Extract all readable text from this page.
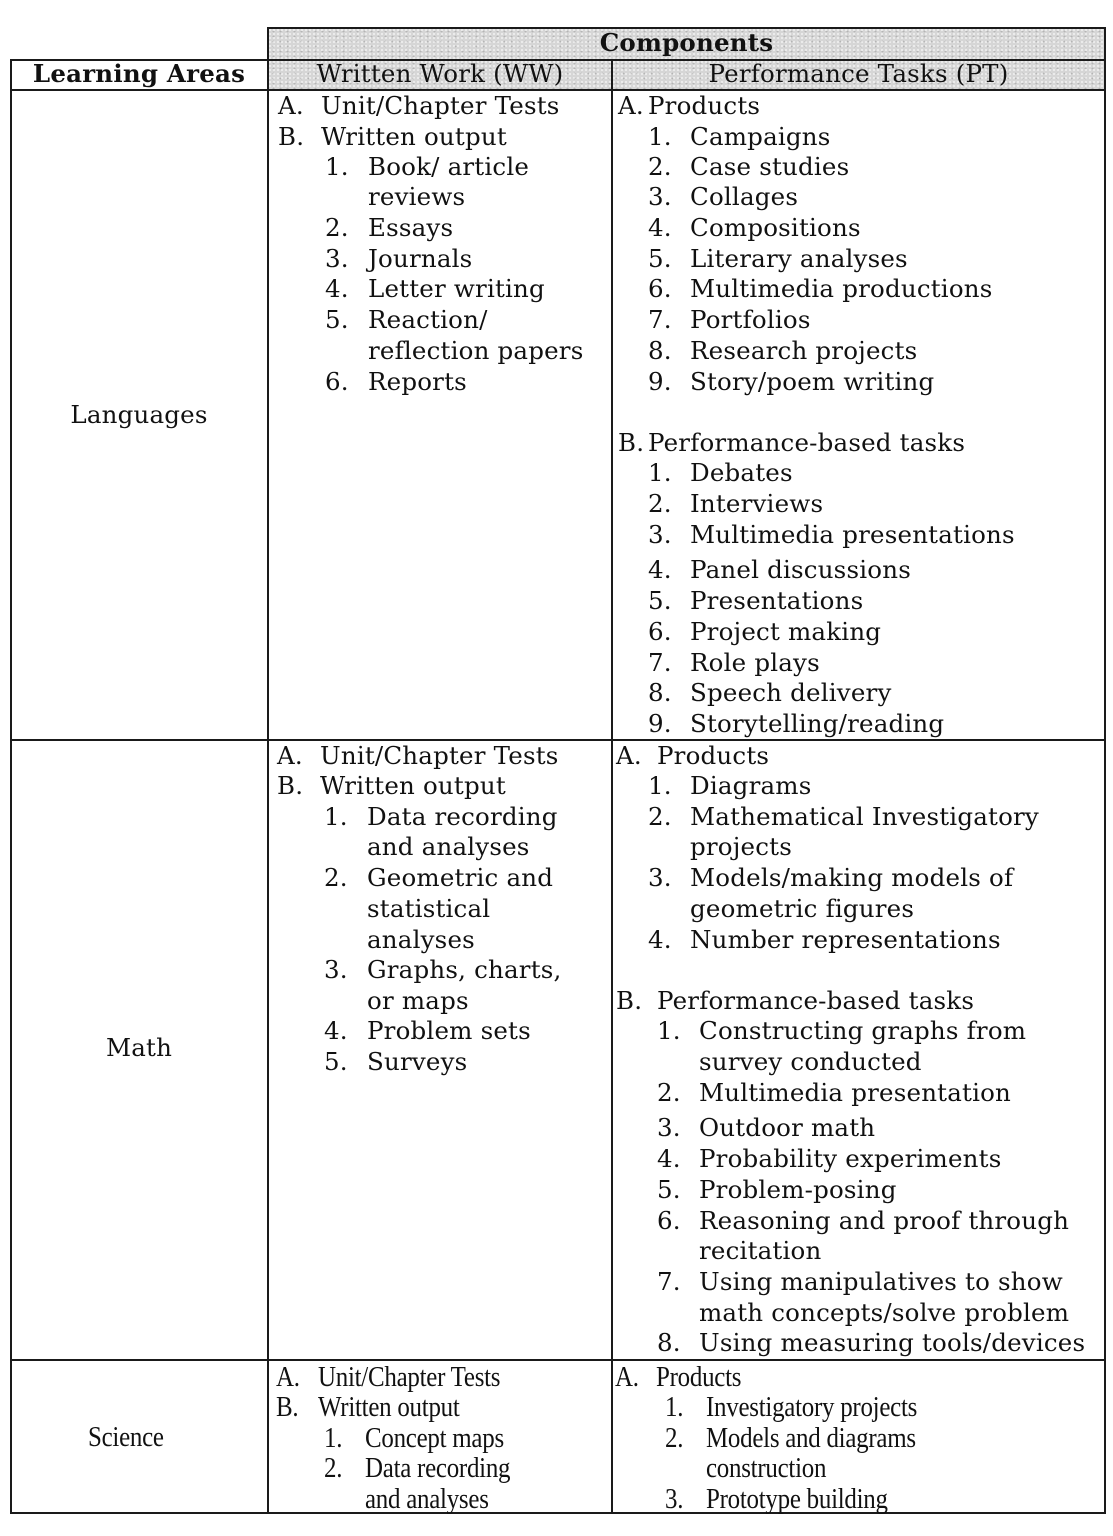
Components
Learning Areas	Written Work (WW)	Performance Tasks (PT)
Languages
A. Unit/Chapter Tests
B. Written output
1. Book/ article
reviews
2. Essays
3. Journals
4. Letter writing
5. Reaction/
reflection papers
6. Reports
A. Products
1. Campaigns
2. Case studies
3. Collages
4. Compositions
5. Literary analyses
6. Multimedia productions
7. Portfolios
8. Research projects
9. Story/poem writing
B. Performance-based tasks
1. Debates
2. Interviews
3. Multimedia presentations
4. Panel discussions
5. Presentations
6. Project making
7. Role plays
8. Speech delivery
9. Storytelling/reading
Math
A. Unit/Chapter Tests
B. Written output
1. Data recording
and analyses
2. Geometric and
statistical
analyses
3. Graphs, charts,
or maps
4. Problem sets
5. Surveys
A. Products
1. Diagrams
2. Mathematical Investigatory
projects
3. Models/making models of
geometric figures
4. Number representations
B. Performance-based tasks
1. Constructing graphs from
survey conducted
2. Multimedia presentation
3. Outdoor math
4. Probability experiments
5. Problem-posing
6. Reasoning and proof through
recitation
7. Using manipulatives to show
math concepts/solve problem
8. Using measuring tools/devices
Science
A. Unit/Chapter Tests
B. Written output
1. Concept maps
2. Data recording
and analyses
A. Products
1. Investigatory projects
2. Models and diagrams
construction
3. Prototype building
